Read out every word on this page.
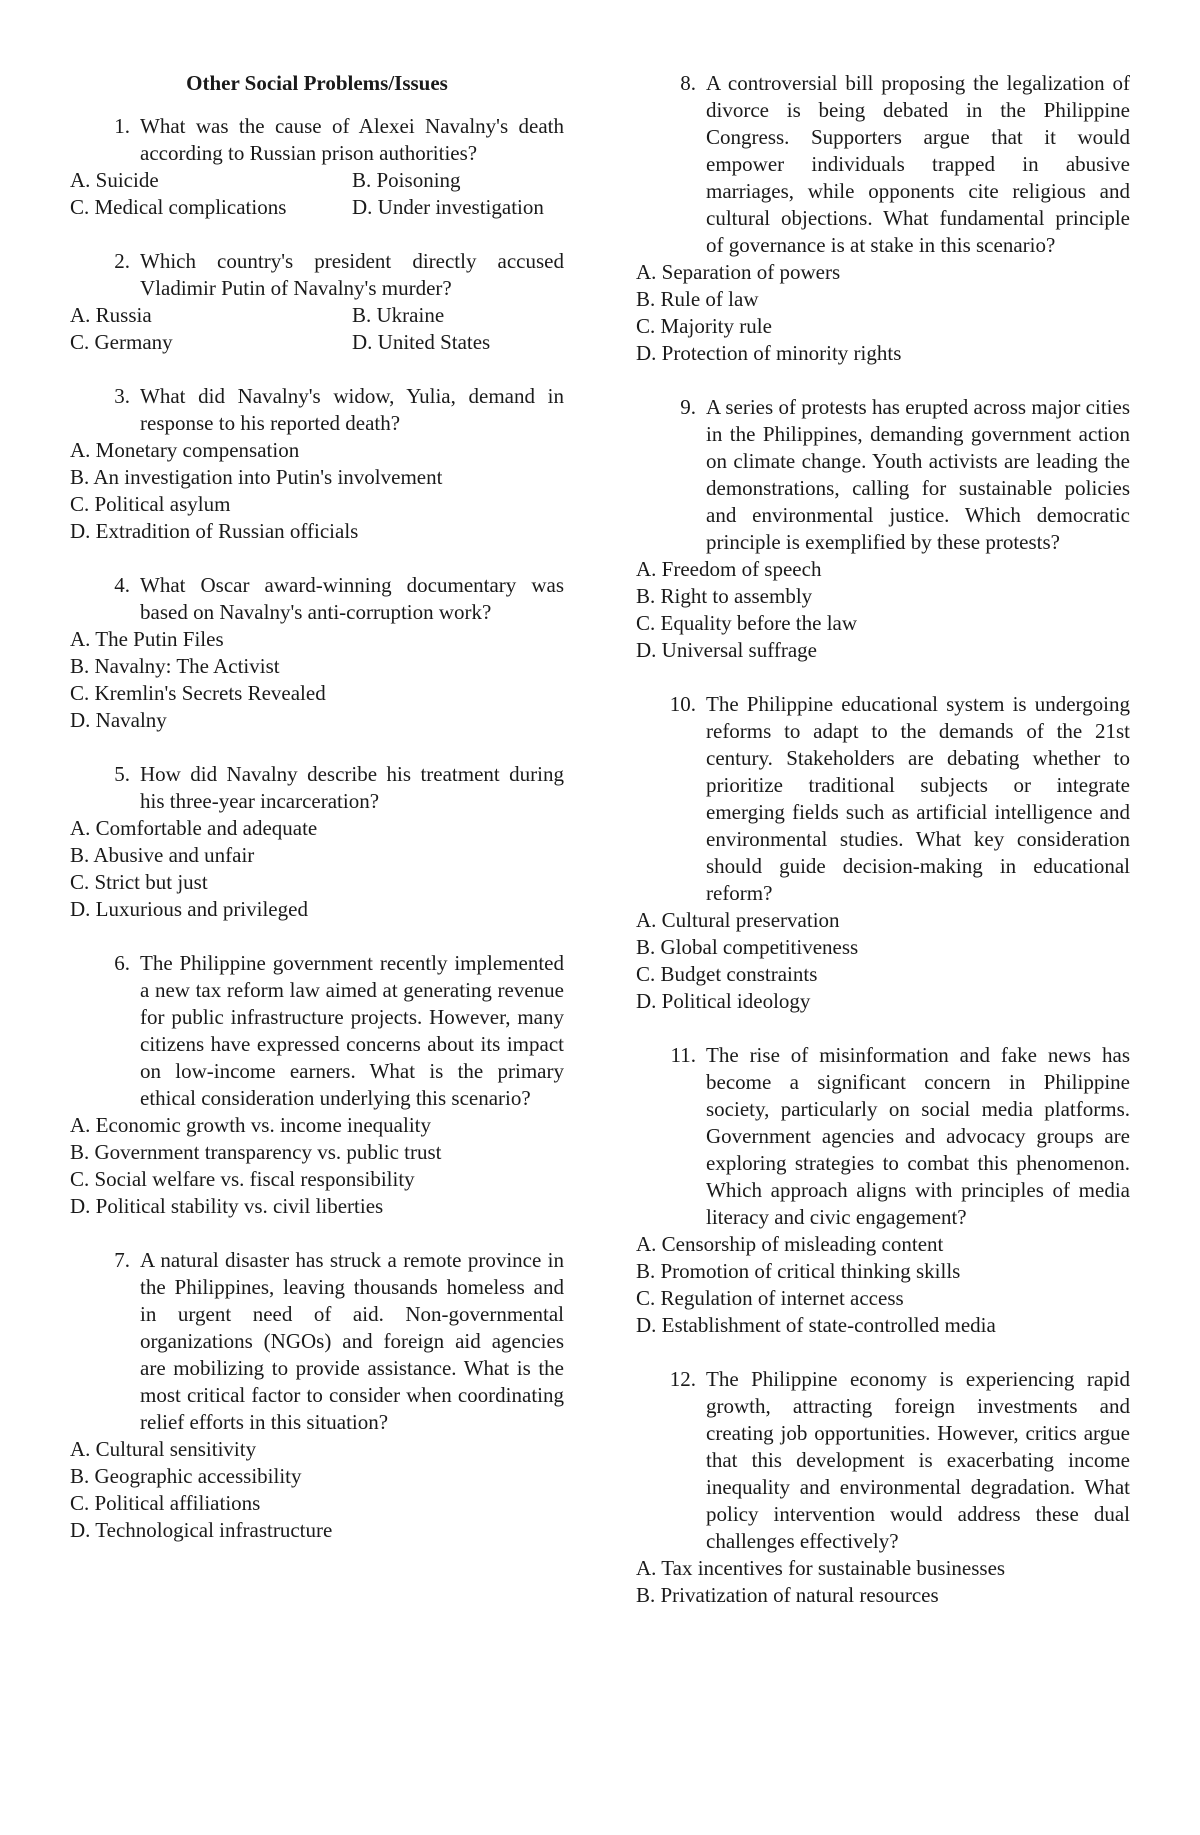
Other Social Problems/Issues
1. What was the cause of Alexei Navalny's death according to Russian prison authorities?
A. Suicide	B. Poisoning
C. Medical complications	D. Under investigation
2. Which country's president directly accused Vladimir Putin of Navalny's murder?
A. Russia	B. Ukraine
C. Germany	D. United States
3. What did Navalny's widow, Yulia, demand in response to his reported death?
A. Monetary compensation
B. An investigation into Putin's involvement
C. Political asylum
D. Extradition of Russian officials
4. What Oscar award-winning documentary was based on Navalny's anti-corruption work?
A. The Putin Files
B. Navalny: The Activist
C. Kremlin's Secrets Revealed
D. Navalny
5. How did Navalny describe his treatment during his three-year incarceration?
A. Comfortable and adequate
B. Abusive and unfair
C. Strict but just
D. Luxurious and privileged
6. The Philippine government recently implemented a new tax reform law aimed at generating revenue for public infrastructure projects. However, many citizens have expressed concerns about its impact on low-income earners. What is the primary ethical consideration underlying this scenario?
A. Economic growth vs. income inequality
B. Government transparency vs. public trust
C. Social welfare vs. fiscal responsibility
D. Political stability vs. civil liberties
7. A natural disaster has struck a remote province in the Philippines, leaving thousands homeless and in urgent need of aid. Non-governmental organizations (NGOs) and foreign aid agencies are mobilizing to provide assistance. What is the most critical factor to consider when coordinating relief efforts in this situation?
A. Cultural sensitivity
B. Geographic accessibility
C. Political affiliations
D. Technological infrastructure
8. A controversial bill proposing the legalization of divorce is being debated in the Philippine Congress. Supporters argue that it would empower individuals trapped in abusive marriages, while opponents cite religious and cultural objections. What fundamental principle of governance is at stake in this scenario?
A. Separation of powers
B. Rule of law
C. Majority rule
D. Protection of minority rights
9. A series of protests has erupted across major cities in the Philippines, demanding government action on climate change. Youth activists are leading the demonstrations, calling for sustainable policies and environmental justice. Which democratic principle is exemplified by these protests?
A. Freedom of speech
B. Right to assembly
C. Equality before the law
D. Universal suffrage
10. The Philippine educational system is undergoing reforms to adapt to the demands of the 21st century. Stakeholders are debating whether to prioritize traditional subjects or integrate emerging fields such as artificial intelligence and environmental studies. What key consideration should guide decision-making in educational reform?
A. Cultural preservation
B. Global competitiveness
C. Budget constraints
D. Political ideology
11. The rise of misinformation and fake news has become a significant concern in Philippine society, particularly on social media platforms. Government agencies and advocacy groups are exploring strategies to combat this phenomenon. Which approach aligns with principles of media literacy and civic engagement?
A. Censorship of misleading content
B. Promotion of critical thinking skills
C. Regulation of internet access
D. Establishment of state-controlled media
12. The Philippine economy is experiencing rapid growth, attracting foreign investments and creating job opportunities. However, critics argue that this development is exacerbating income inequality and environmental degradation. What policy intervention would address these dual challenges effectively?
A. Tax incentives for sustainable businesses
B. Privatization of natural resources
